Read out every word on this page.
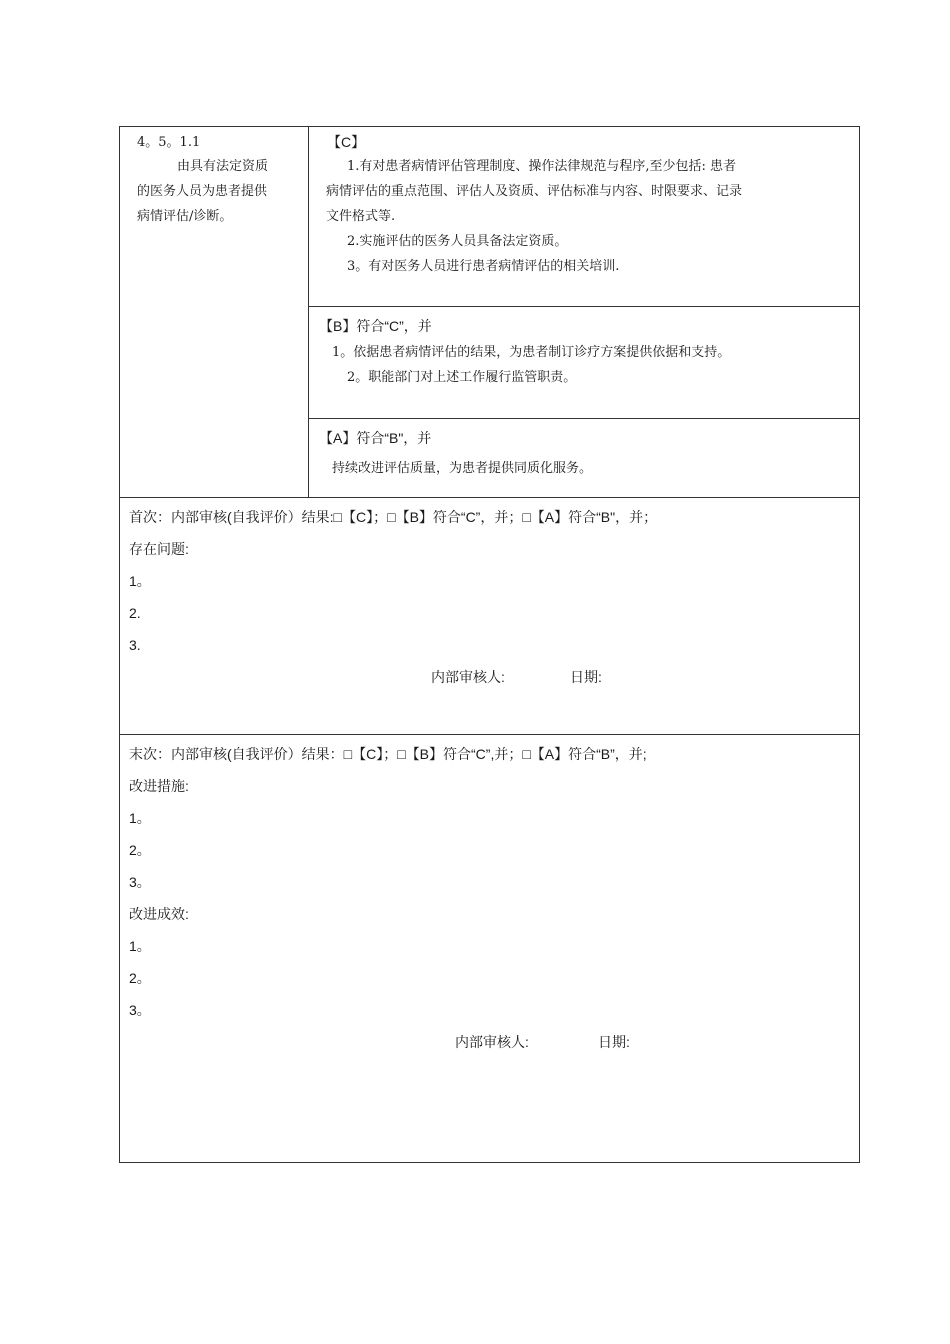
4。5。1.1
由具有法定资质
的医务人员为患者提供
病情评估/诊断。
【C】
1.有对患者病情评估管理制度、操作法律规范与程序,至少包括: 患者
病情评估的重点范围、评估人及资质、评估标准与内容、时限要求、记录
文件格式等.
2.实施评估的医务人员具备法定资质。
3。有对医务人员进行患者病情评估的相关培训.
【B】符合“C”，并
1。依据患者病情评估的结果，为患者制订诊疗方案提供依据和支持。
2。职能部门对上述工作履行监管职责。
【A】符合“B"，并
持续改进评估质量，为患者提供同质化服务。
首次：内部审核(自我评价）结果:□【C】；□【B】符合“C”，并；□【A】符合“B"，并；
存在问题:
1。
2.
3.
内部审核人:	日期:
末次：内部审核(自我评价）结果：□【C】；□【B】符合“C”,并；□【A】符合“B”，并;
改进措施:
1。
2。
3。
改进成效:
1。
2。
3。
内部审核人:	日期:
